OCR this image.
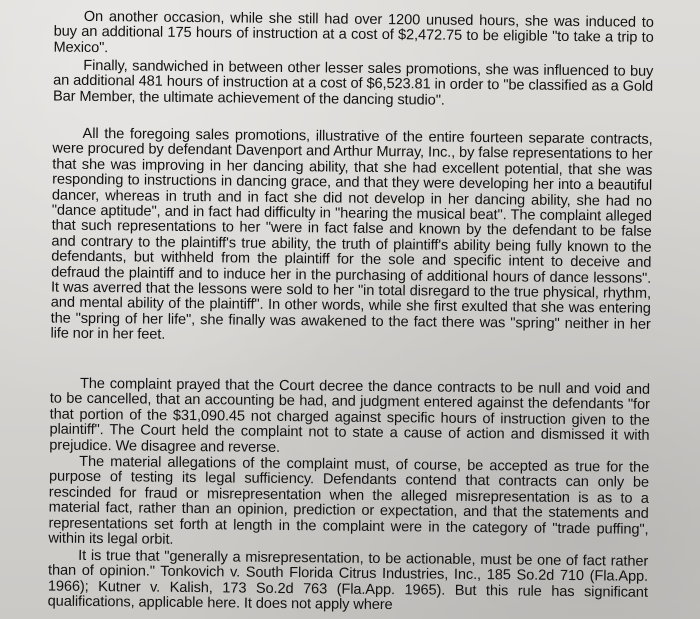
On another occasion, while she still had over 1200 unused hours, she was induced to buy an additional 175 hours of instruction at a cost of $2,472.75 to be eligible "to take a trip to Mexico".

Finally, sandwiched in between other lesser sales promotions, she was influenced to buy an additional 481 hours of instruction at a cost of $6,523.81 in order to "be classified as a Gold Bar Member, the ultimate achievement of the dancing studio".

All the foregoing sales promotions, illustrative of the entire fourteen separate contracts, were procured by defendant Davenport and Arthur Murray, Inc., by false representations to her that she was improving in her dancing ability, that she had excellent potential, that she was responding to instructions in dancing grace, and that they were developing her into a beautiful dancer, whereas in truth and in fact she did not develop in her dancing ability, she had no "dance aptitude", and in fact had difficulty in "hearing the musical beat". The complaint alleged that such representations to her "were in fact false and known by the defendant to be false and contrary to the plaintiff's true ability, the truth of plaintiff's ability being fully known to the defendants, but withheld from the plaintiff for the sole and specific intent to deceive and defraud the plaintiff and to induce her in the purchasing of additional hours of dance lessons". It was averred that the lessons were sold to her "in total disregard to the true physical, rhythm, and mental ability of the plaintiff". In other words, while she first exulted that she was entering the "spring of her life", she finally was awakened to the fact there was "spring" neither in her life nor in her feet.

The complaint prayed that the Court decree the dance contracts to be null and void and to be cancelled, that an accounting be had, and judgment entered against the defendants "for that portion of the $31,090.45 not charged against specific hours of instruction given to the plaintiff". The Court held the complaint not to state a cause of action and dismissed it with prejudice. We disagree and reverse.

The material allegations of the complaint must, of course, be accepted as true for the purpose of testing its legal sufficiency. Defendants contend that contracts can only be rescinded for fraud or misrepresentation when the alleged misrepresentation is as to a material fact, rather than an opinion, prediction or expectation, and that the statements and representations set forth at length in the complaint were in the category of "trade puffing", within its legal orbit.

It is true that "generally a misrepresentation, to be actionable, must be one of fact rather than of opinion." Tonkovich v. South Florida Citrus Industries, Inc., 185 So.2d 710 (Fla.App. 1966); Kutner v. Kalish, 173 So.2d 763 (Fla.App. 1965). But this rule has significant qualifications, applicable here. It does not apply where
